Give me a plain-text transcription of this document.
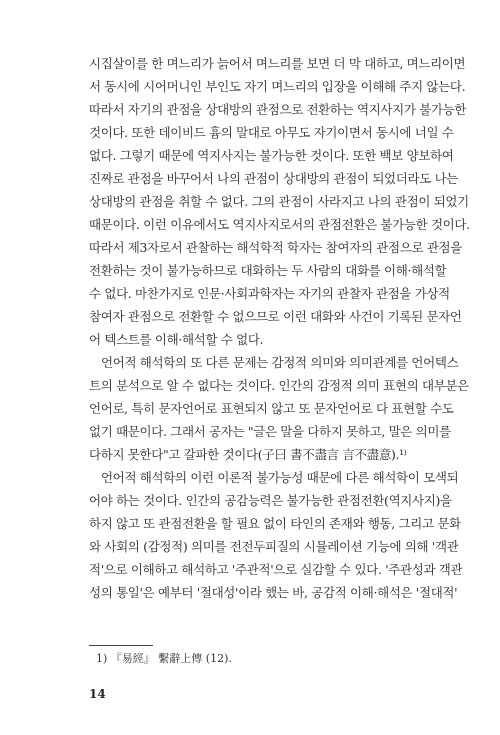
시집살이를 한 며느리가 늙어서 며느리를 보면 더 막 대하고, 며느리이면
서 동시에 시어머니인 부인도 자기 며느리의 입장을 이해해 주지 않는다.
따라서 자기의 관점을 상대방의 관점으로 전환하는 역지사지가 불가능한
것이다. 또한 데이비드 흄의 말대로 아무도 자기이면서 동시에 너일 수
없다. 그렇기 때문에 역지사지는 불가능한 것이다. 또한 백보 양보하여
진짜로 관점을 바꾸어서 나의 관점이 상대방의 관점이 되었더라도 나는
상대방의 관점을 취할 수 없다. 그의 관점이 사라지고 나의 관점이 되었기
때문이다. 이런 이유에서도 역지사지로서의 관점전환은 불가능한 것이다.
따라서 제3자로서 관찰하는 해석학적 학자는 참여자의 관점으로 관점을
전환하는 것이 불가능하므로 대화하는 두 사람의 대화를 이해·해석할
수 없다. 마찬가지로 인문·사회과학자는 자기의 관찰자 관점을 가상적
참여자 관점으로 전환할 수 없으므로 이런 대화와 사건이 기록된 문자언
어 텍스트를 이해·해석할 수 없다.
언어적 해석학의 또 다른 문제는 감정적 의미와 의미관계를 언어텍스
트의 분석으로 알 수 없다는 것이다. 인간의 감정적 의미 표현의 대부분은
언어로, 특히 문자언어로 표현되지 않고 또 문자언어로 다 표현할 수도
없기 때문이다. 그래서 공자는 "글은 말을 다하지 못하고, 말은 의미를
다하지 못한다"고 갈파한 것이다(子曰 書不盡言 言不盡意).¹⁾
언어적 해석학의 이런 이론적 불가능성 때문에 다른 해석학이 모색되
어야 하는 것이다. 인간의 공감능력은 불가능한 관점전환(역지사지)을
하지 않고 또 관점전환을 할 필요 없이 타인의 존재와 행동, 그리고 문화
와 사회의 (감정적) 의미를 전전두피질의 시뮬레이션 기능에 의해 '객관
적'으로 이해하고 해석하고 '주관적'으로 실감할 수 있다. '주관성과 객관
성의 통일'은 예부터 '절대성'이라 했는 바, 공감적 이해·해석은 '절대적'
1) 『易經』 繫辭上傳 (12).
14
